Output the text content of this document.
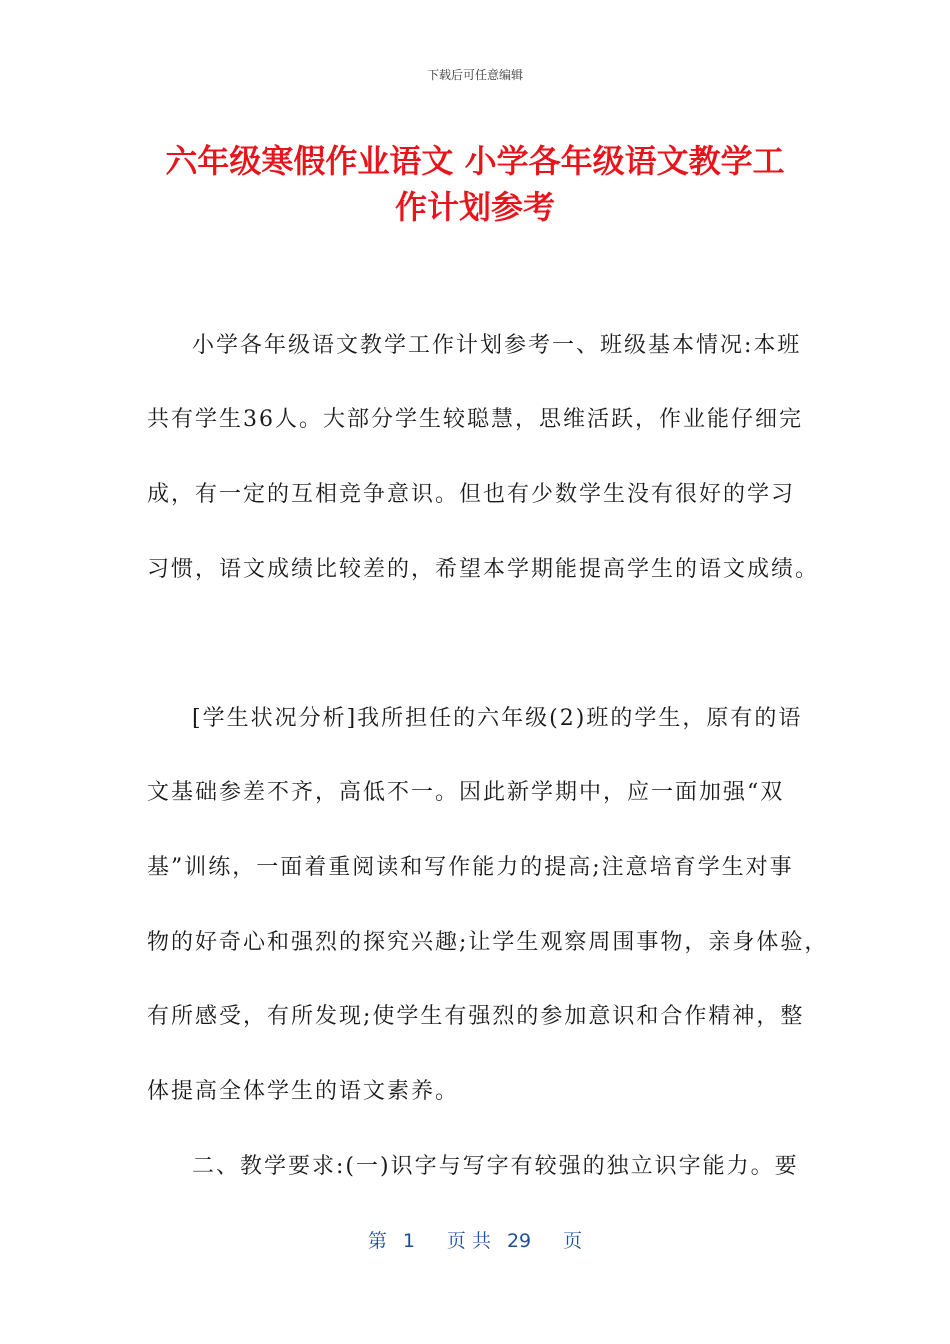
下载后可任意编辑
六年级寒假作业语文 小学各年级语文教学工
作计划参考
小学各年级语文教学工作计划参考一、班级基本情况:本班
共有学生36人。大部分学生较聪慧，思维活跃，作业能仔细完
成，有一定的互相竞争意识。但也有少数学生没有很好的学习
习惯，语文成绩比较差的，希望本学期能提高学生的语文成绩。
[学生状况分析]我所担任的六年级(2)班的学生，原有的语
文基础参差不齐，高低不一。因此新学期中，应一面加强“双
基”训练，一面着重阅读和写作能力的提高;注意培育学生对事
物的好奇心和强烈的探究兴趣;让学生观察周围事物，亲身体验，
有所感受，有所发现;使学生有强烈的参加意识和合作精神，整
体提高全体学生的语文素养。
二、教学要求:(一)识字与写字有较强的独立识字能力。要
第 1 页 共 29 页
